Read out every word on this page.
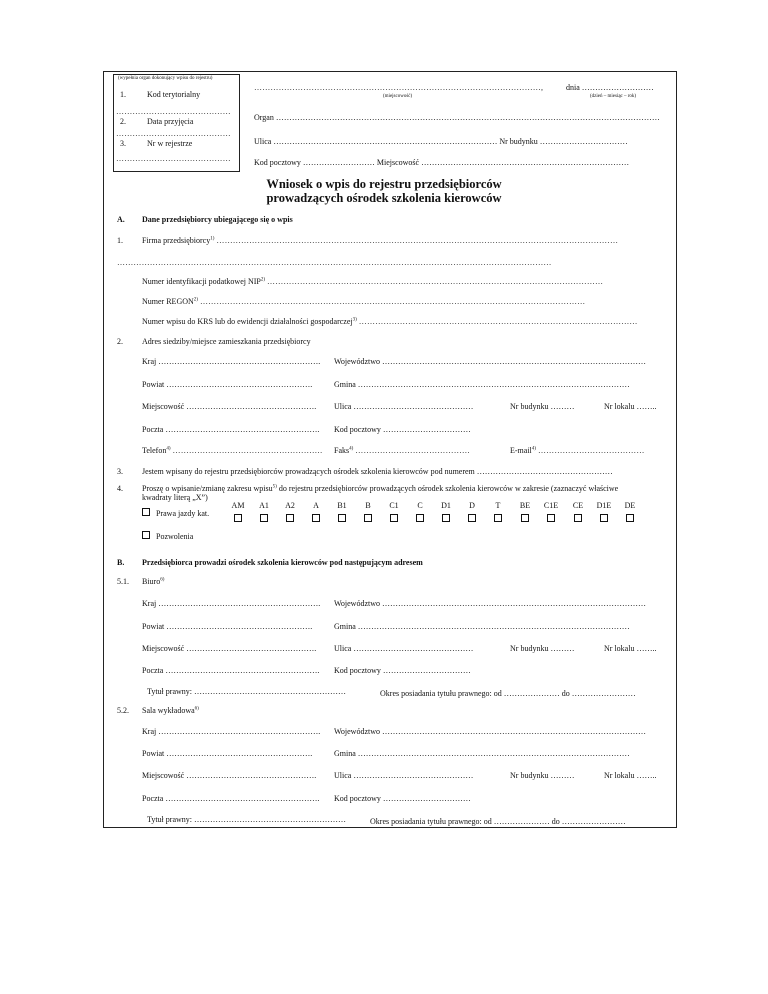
(wypełnia organ dokonujący wpisu do rejestru)
1.	Kod terytorialny
……………………………………
2.	Data przyjęcia
……………………………………
3.	Nr w rejestrze
……………………………………
……………………………………………………………………………………………,
(miejscowość)
dnia ………………………
(dzień – miesiąc – rok)
Organ ………………………………………………………………………………………………………………………………
Ulica ………………………………………………………………………… Nr budynku ……………………………
Kod pocztowy ……………………… Miejscowość ……………………………………………………………………
Wniosek o wpis do rejestru przedsiębiorców
prowadzących ośrodek szkolenia kierowców
A. Dane przedsiębiorcy ubiegającego się o wpis
1. Firma przedsiębiorcy$^{1)}$ …………………………………………………………………………………………………………………………………
……………………………………………………………………………………………………………………………………………
Numer identyfikacji podatkowej NIP$^{2)}$ ……………………………………………………………………………………………………………
Numer REGON$^{2)}$ ……………………………………………………………………………………………………………………………
Numer wpisu do KRS lub do ewidencji działalności gospodarczej$^{3)}$ …………………………………………………………………………………………
2. Adres siedziby/miejsce zamieszkania przedsiębiorcy
Kraj ……………………………………………………. Województwo ………………………………………………………………………………………
Powiat ……………………………………………….	Gmina …………………………………………………………………………………………
Miejscowość …………………………………………. Ulica ………………………………………	Nr budynku ………	Nr lokalu ……..
Poczta …………………………………………………. Kod pocztowy ……………………………
Telefon$^{4)}$ ………………………………………………. Faks$^{4)}$ ……………………………………	E-mail$^{4)}$ …………………………………
3. Jestem wpisany do rejestru przedsiębiorców prowadzących ośrodek szkolenia kierowców pod numerem ……………………………………………
4. Proszę o wpisanie/zmianę zakresu wpisu$^{5)}$ do rejestru przedsiębiorców prowadzących ośrodek szkolenia kierowców w zakresie (zaznaczyć właściwe
kwadraty literą „X”)
AM	A1	A2	A	B1	B	C1	C	D1	D	T	BE	C1E	CE	D1E	DE
Prawa jazdy kat.
Pozwolenia
B. Przedsiębiorca prowadzi ośrodek szkolenia kierowców pod następującym adresem
5.1. Biuro$^{6)}$
Kraj ……………………………………………………. Województwo ………………………………………………………………………………………
Powiat ……………………………………………….	Gmina …………………………………………………………………………………………
Miejscowość …………………………………………. Ulica ………………………………………	Nr budynku ………	Nr lokalu ……..
Poczta …………………………………………………. Kod pocztowy ……………………………
Tytuł prawny: …………………………………………………	Okres posiadania tytułu prawnego: od ………………… do ……………………
5.2. Sala wykładowa$^{6)}$
Kraj ……………………………………………………. Województwo ………………………………………………………………………………………
Powiat ……………………………………………….	Gmina …………………………………………………………………………………………
Miejscowość …………………………………………. Ulica ………………………………………	Nr budynku ………	Nr lokalu ……..
Poczta …………………………………………………. Kod pocztowy ……………………………
Tytuł prawny: …………………………………………………	Okres posiadania tytułu prawnego: od ………………… do ……………………
